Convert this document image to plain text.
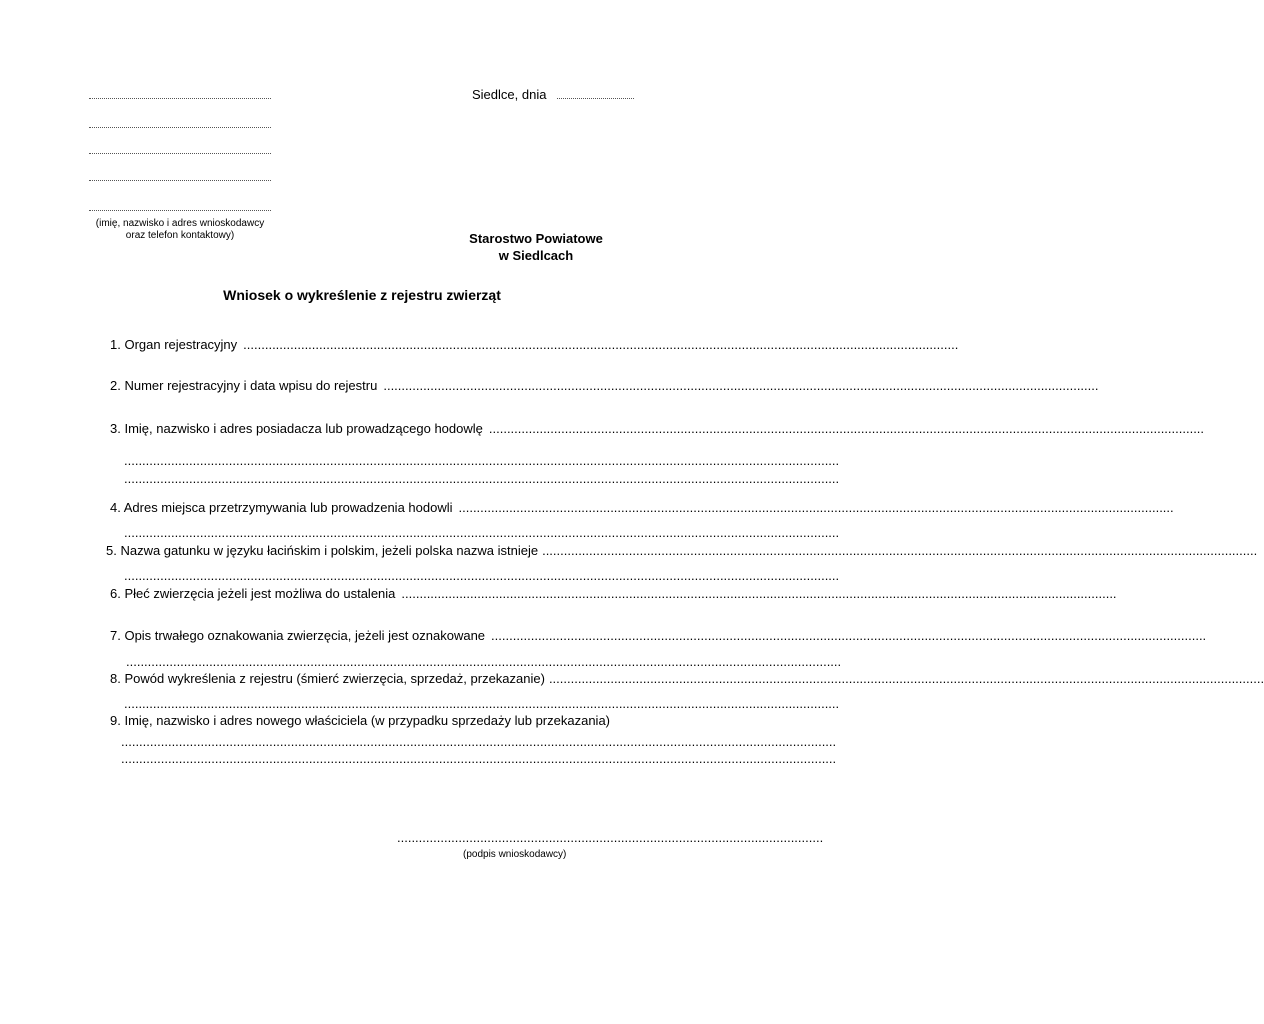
(imię, nazwisko i adres wnioskodawcy
oraz telefon kontaktowy)
Siedlce, dnia
Starostwo Powiatowe
w Siedlcach
Wniosek o wykreślenie z rejestru zwierząt
1. Organ rejestracyjny ......................................................................................................................................................................................................
2. Numer rejestracyjny i data wpisu do rejestru ......................................................................................................................................................................................................
3. Imię, nazwisko i adres posiadacza lub prowadzącego hodowlę ......................................................................................................................................................................................................
......................................................................................................................................................................................................
......................................................................................................................................................................................................
4. Adres miejsca przetrzymywania lub prowadzenia hodowli ......................................................................................................................................................................................................
......................................................................................................................................................................................................
5. Nazwa gatunku w języku łacińskim i polskim, jeżeli polska nazwa istnieje ......................................................................................................................................................................................................
......................................................................................................................................................................................................
6. Płeć zwierzęcia jeżeli jest możliwa do ustalenia ......................................................................................................................................................................................................
7. Opis trwałego oznakowania zwierzęcia, jeżeli jest oznakowane ......................................................................................................................................................................................................
......................................................................................................................................................................................................
8. Powód wykreślenia z rejestru (śmierć zwierzęcia, sprzedaż, przekazanie) ......................................................................................................................................................................................................
......................................................................................................................................................................................................
9. Imię, nazwisko i adres nowego właściciela (w przypadku sprzedaży lub przekazania)
......................................................................................................................................................................................................
......................................................................................................................................................................................................
......................................................................................................................
(podpis wnioskodawcy)
